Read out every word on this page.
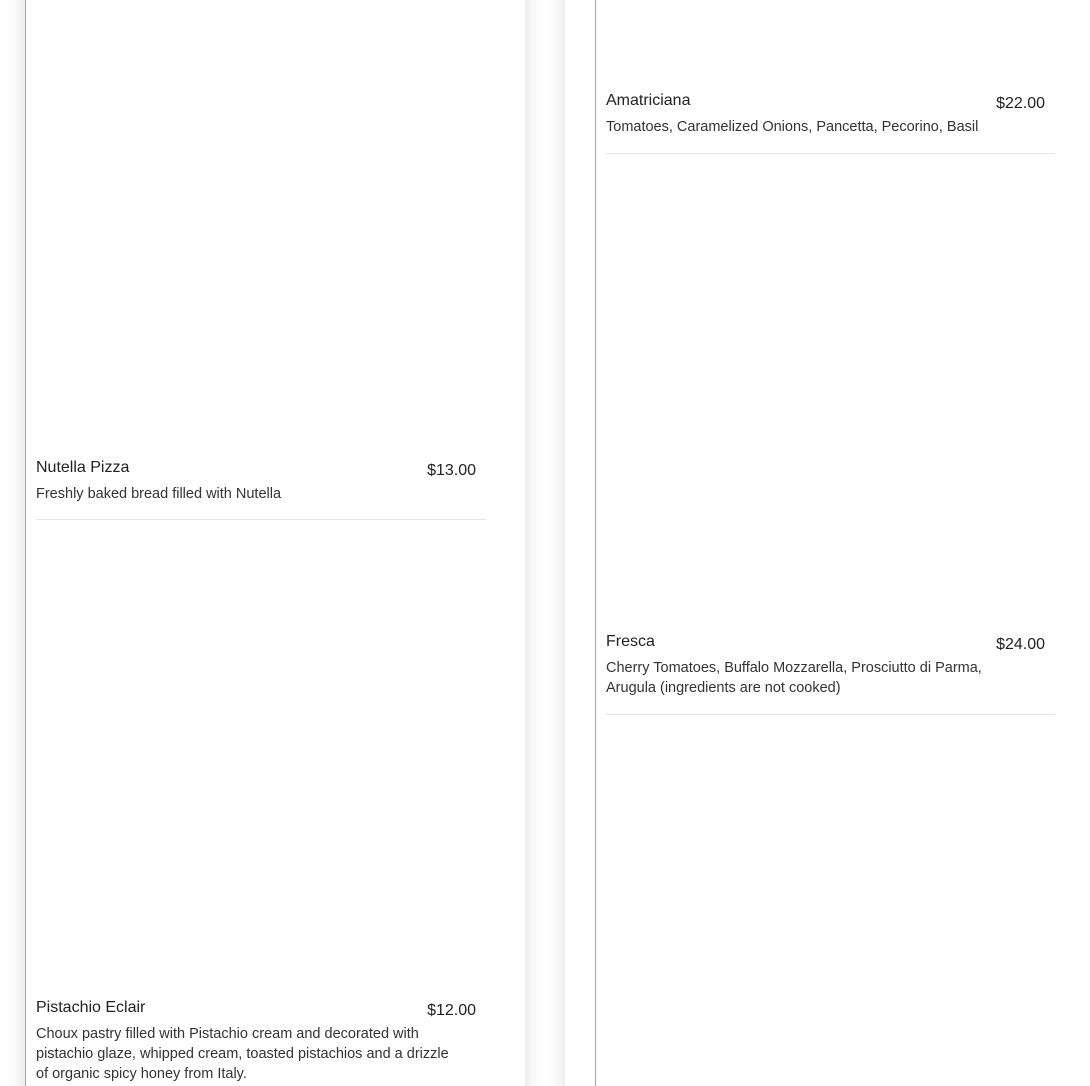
Nutella Pizza	$13.00
Freshly baked bread filled with Nutella
Pistachio Eclair	$12.00
Choux pastry filled with Pistachio cream and decorated with pistachio glaze, whipped cream, toasted pistachios and a drizzle of organic spicy honey from Italy.
Amatriciana	$22.00
Tomatoes, Caramelized Onions, Pancetta, Pecorino, Basil
Fresca	$24.00
Cherry Tomatoes, Buffalo Mozzarella, Prosciutto di Parma, Arugula (ingredients are not cooked)
